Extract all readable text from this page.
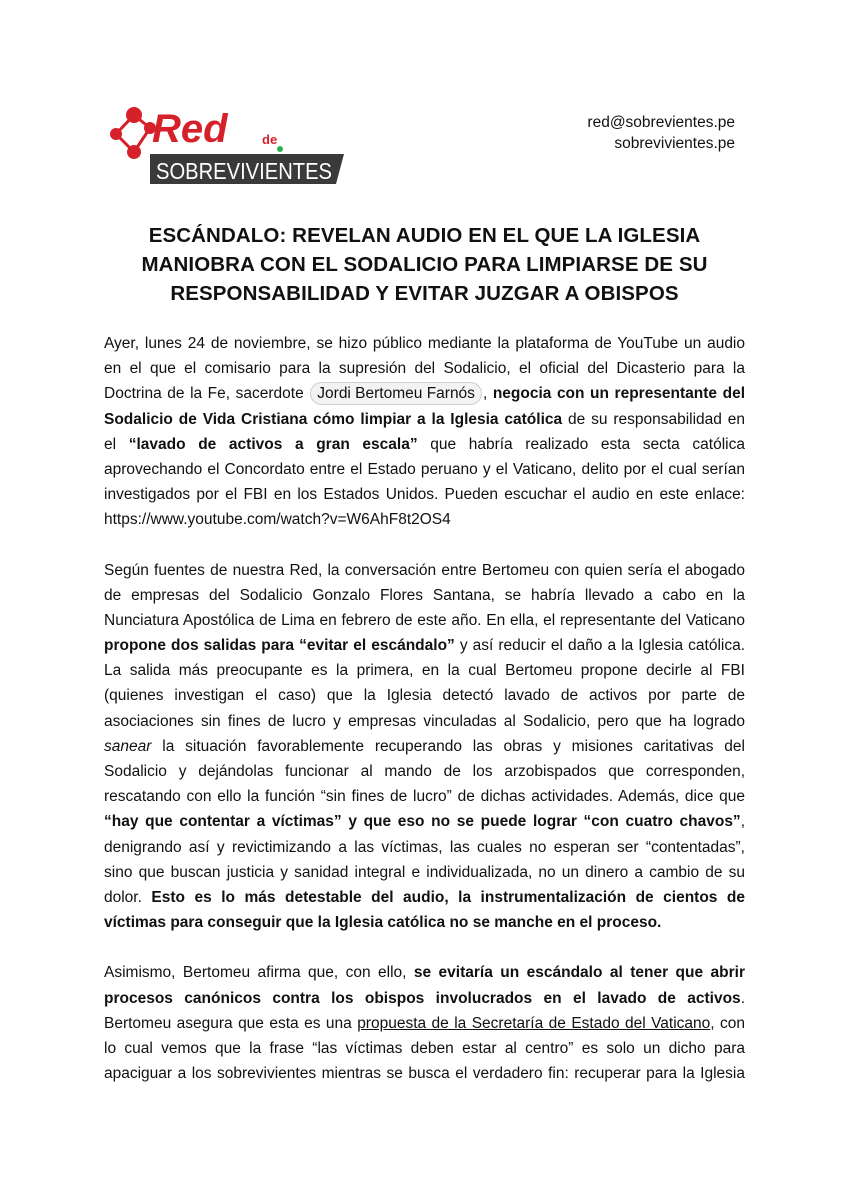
Red	de
SOBREVIVIENTES
red@sobrevientes.pe
sobrevivientes.pe
ESCÁNDALO: REVELAN AUDIO EN EL QUE LA IGLESIA
MANIOBRA CON EL SODALICIO PARA LIMPIARSE DE SU
RESPONSABILIDAD Y EVITAR JUZGAR A OBISPOS
Ayer, lunes 24 de noviembre, se hizo público mediante la plataforma de YouTube un audio
en el que el comisario para la supresión del Sodalicio, el oficial del Dicasterio para la
Doctrina de la Fe, sacerdote Jordi Bertomeu Farnós , negocia con un representante del
Sodalicio de Vida Cristiana cómo limpiar a la Iglesia católica de su responsabilidad en
el “lavado de activos a gran escala” que habría realizado esta secta católica
aprovechando el Concordato entre el Estado peruano y el Vaticano, delito por el cual serían
investigados por el FBI en los Estados Unidos. Pueden escuchar el audio en este enlace:
https://www.youtube.com/watch?v=W6AhF8t2OS4
Según fuentes de nuestra Red, la conversación entre Bertomeu con quien sería el abogado
de empresas del Sodalicio Gonzalo Flores Santana, se habría llevado a cabo en la
Nunciatura Apostólica de Lima en febrero de este año. En ella, el representante del Vaticano
propone dos salidas para “evitar el escándalo” y así reducir el daño a la Iglesia católica.
La salida más preocupante es la primera, en la cual Bertomeu propone decirle al FBI
(quienes investigan el caso) que la Iglesia detectó lavado de activos por parte de
asociaciones sin fines de lucro y empresas vinculadas al Sodalicio, pero que ha logrado
sanear la situación favorablemente recuperando las obras y misiones caritativas del
Sodalicio y dejándolas funcionar al mando de los arzobispados que corresponden,
rescatando con ello la función “sin fines de lucro” de dichas actividades. Además, dice que
“hay que contentar a víctimas” y que eso no se puede lograr “con cuatro chavos”,
denigrando así y revictimizando a las víctimas, las cuales no esperan ser “contentadas”,
sino que buscan justicia y sanidad integral e individualizada, no un dinero a cambio de su
dolor. Esto es lo más detestable del audio, la instrumentalización de cientos de
víctimas para conseguir que la Iglesia católica no se manche en el proceso.
Asimismo, Bertomeu afirma que, con ello, se evitaría un escándalo al tener que abrir
procesos canónicos contra los obispos involucrados en el lavado de activos.
Bertomeu asegura que esta es una propuesta de la Secretaría de Estado del Vaticano, con
lo cual vemos que la frase “las víctimas deben estar al centro” es solo un dicho para
apaciguar a los sobrevivientes mientras se busca el verdadero fin: recuperar para la Iglesia
